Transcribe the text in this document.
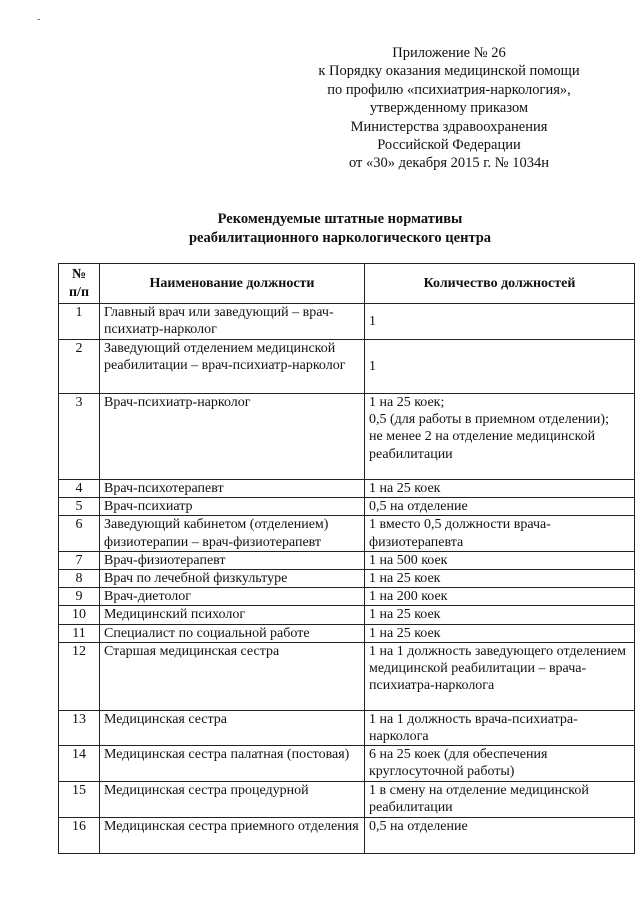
-
Приложение № 26
к Порядку оказания медицинской помощи
по профилю «психиатрия-наркология»,
утвержденному приказом
Министерства здравоохранения
Российской Федерации
от «30» декабря 2015 г. № 1034н
Рекомендуемые штатные нормативы
реабилитационного наркологического центра
№
п/п	Наименование должности	Количество должностей
1	Главный врач или заведующий – врач-психиатр-нарколог	1
2	Заведующий отделением медицинской реабилитации – врач-психиатр-нарколог	1
3	Врач-психиатр-нарколог	1 на 25 коек;
0,5 (для работы в приемном отделении);
не менее 2 на отделение медицинской реабилитации
4	Врач-психотерапевт	1 на 25 коек
5	Врач-психиатр	0,5 на отделение
6	Заведующий кабинетом (отделением) физиотерапии – врач-физиотерапевт	1 вместо 0,5 должности врача-физиотерапевта
7	Врач-физиотерапевт	1 на 500 коек
8	Врач по лечебной физкультуре	1 на 25 коек
9	Врач-диетолог	1 на 200 коек
10	Медицинский психолог	1 на 25 коек
11	Специалист по социальной работе	1 на 25 коек
12	Старшая медицинская сестра	1 на 1 должность заведующего отделением медицинской реабилитации – врача-психиатра-нарколога
13	Медицинская сестра	1 на 1 должность врача-психиатра-нарколога
14	Медицинская сестра палатная (постовая)	6 на 25 коек (для обеспечения круглосуточной работы)
15	Медицинская сестра процедурной	1 в смену на отделение медицинской реабилитации
16	Медицинская сестра приемного отделения	0,5 на отделение
